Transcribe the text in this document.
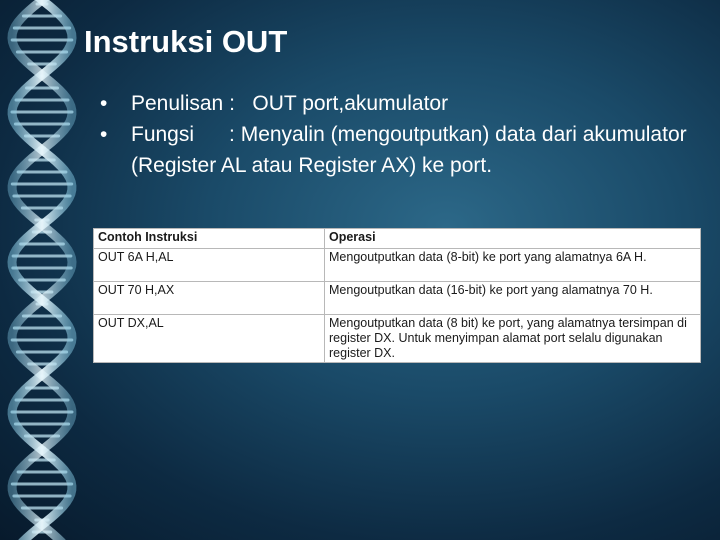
Instruksi OUT
• Penulisan :   OUT port,akumulator
• Fungsi      : Menyalin (mengoutputkan) data dari akumulator (Register AL atau Register AX) ke port.
Contoh Instruksi	Operasi
OUT 6A H,AL	Mengoutputkan data (8-bit) ke port yang alamatnya 6A H.
OUT 70 H,AX	Mengoutputkan data (16-bit) ke port yang alamatnya 70 H.
OUT DX,AL	Mengoutputkan data (8 bit) ke port, yang alamatnya tersimpan di register DX. Untuk menyimpan alamat port selalu digunakan register DX.
